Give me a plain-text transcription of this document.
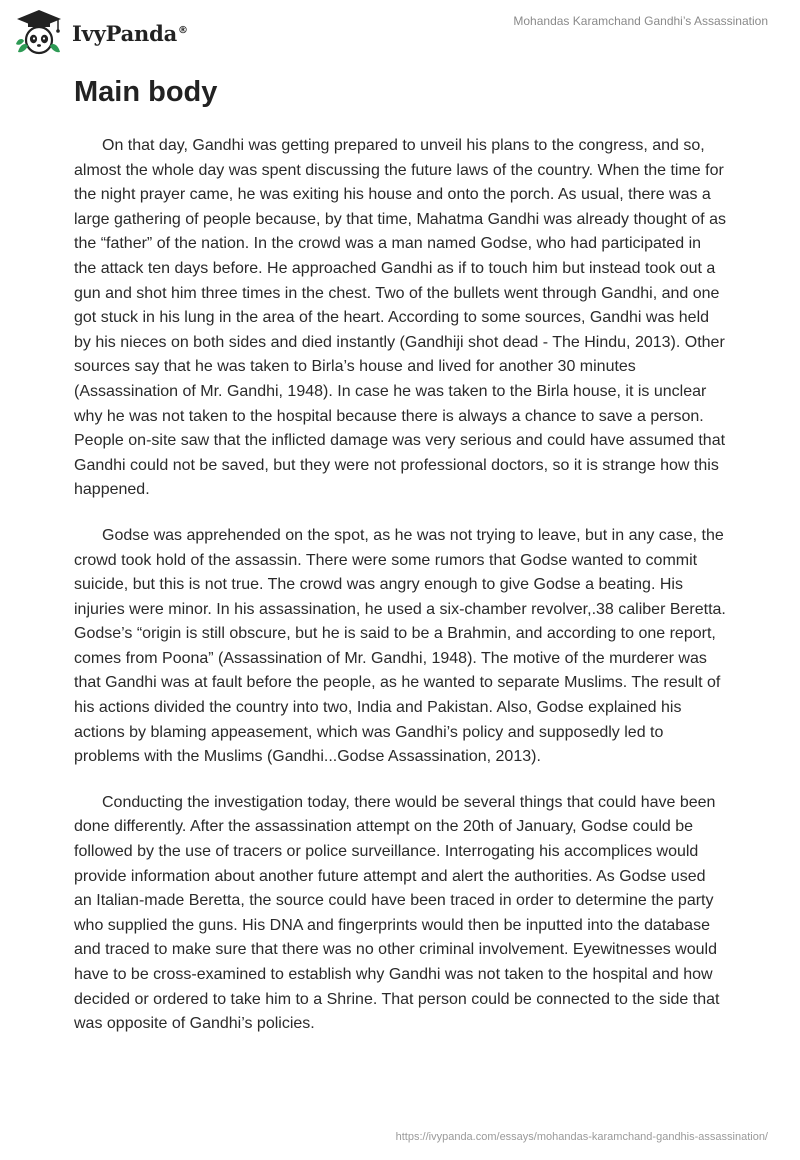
IvyPanda®
Mohandas Karamchand Gandhi’s Assassination
Main body

On that day, Gandhi was getting prepared to unveil his plans to the congress, and so, almost the whole day was spent discussing the future laws of the country. When the time for the night prayer came, he was exiting his house and onto the porch. As usual, there was a large gathering of people because, by that time, Mahatma Gandhi was already thought of as the “father” of the nation. In the crowd was a man named Godse, who had participated in the attack ten days before. He approached Gandhi as if to touch him but instead took out a gun and shot him three times in the chest. Two of the bullets went through Gandhi, and one got stuck in his lung in the area of the heart. According to some sources, Gandhi was held by his nieces on both sides and died instantly (Gandhiji shot dead - The Hindu, 2013). Other sources say that he was taken to Birla’s house and lived for another 30 minutes (Assassination of Mr. Gandhi, 1948). In case he was taken to the Birla house, it is unclear why he was not taken to the hospital because there is always a chance to save a person. People on-site saw that the inflicted damage was very serious and could have assumed that Gandhi could not be saved, but they were not professional doctors, so it is strange how this happened.

Godse was apprehended on the spot, as he was not trying to leave, but in any case, the crowd took hold of the assassin. There were some rumors that Godse wanted to commit suicide, but this is not true. The crowd was angry enough to give Godse a beating. His injuries were minor. In his assassination, he used a six-chamber revolver,.38 caliber Beretta. Godse’s “origin is still obscure, but he is said to be a Brahmin, and according to one report, comes from Poona” (Assassination of Mr. Gandhi, 1948). The motive of the murderer was that Gandhi was at fault before the people, as he wanted to separate Muslims. The result of his actions divided the country into two, India and Pakistan. Also, Godse explained his actions by blaming appeasement, which was Gandhi’s policy and supposedly led to problems with the Muslims (Gandhi...Godse Assassination, 2013).

Conducting the investigation today, there would be several things that could have been done differently. After the assassination attempt on the 20th of January, Godse could be followed by the use of tracers or police surveillance. Interrogating his accomplices would provide information about another future attempt and alert the authorities. As Godse used an Italian-made Beretta, the source could have been traced in order to determine the party who supplied the guns. His DNA and fingerprints would then be inputted into the database and traced to make sure that there was no other criminal involvement. Eyewitnesses would have to be cross-examined to establish why Gandhi was not taken to the hospital and how decided or ordered to take him to a Shrine. That person could be connected to the side that was opposite of Gandhi’s policies.

https://ivypanda.com/essays/mohandas-karamchand-gandhis-assassination/
